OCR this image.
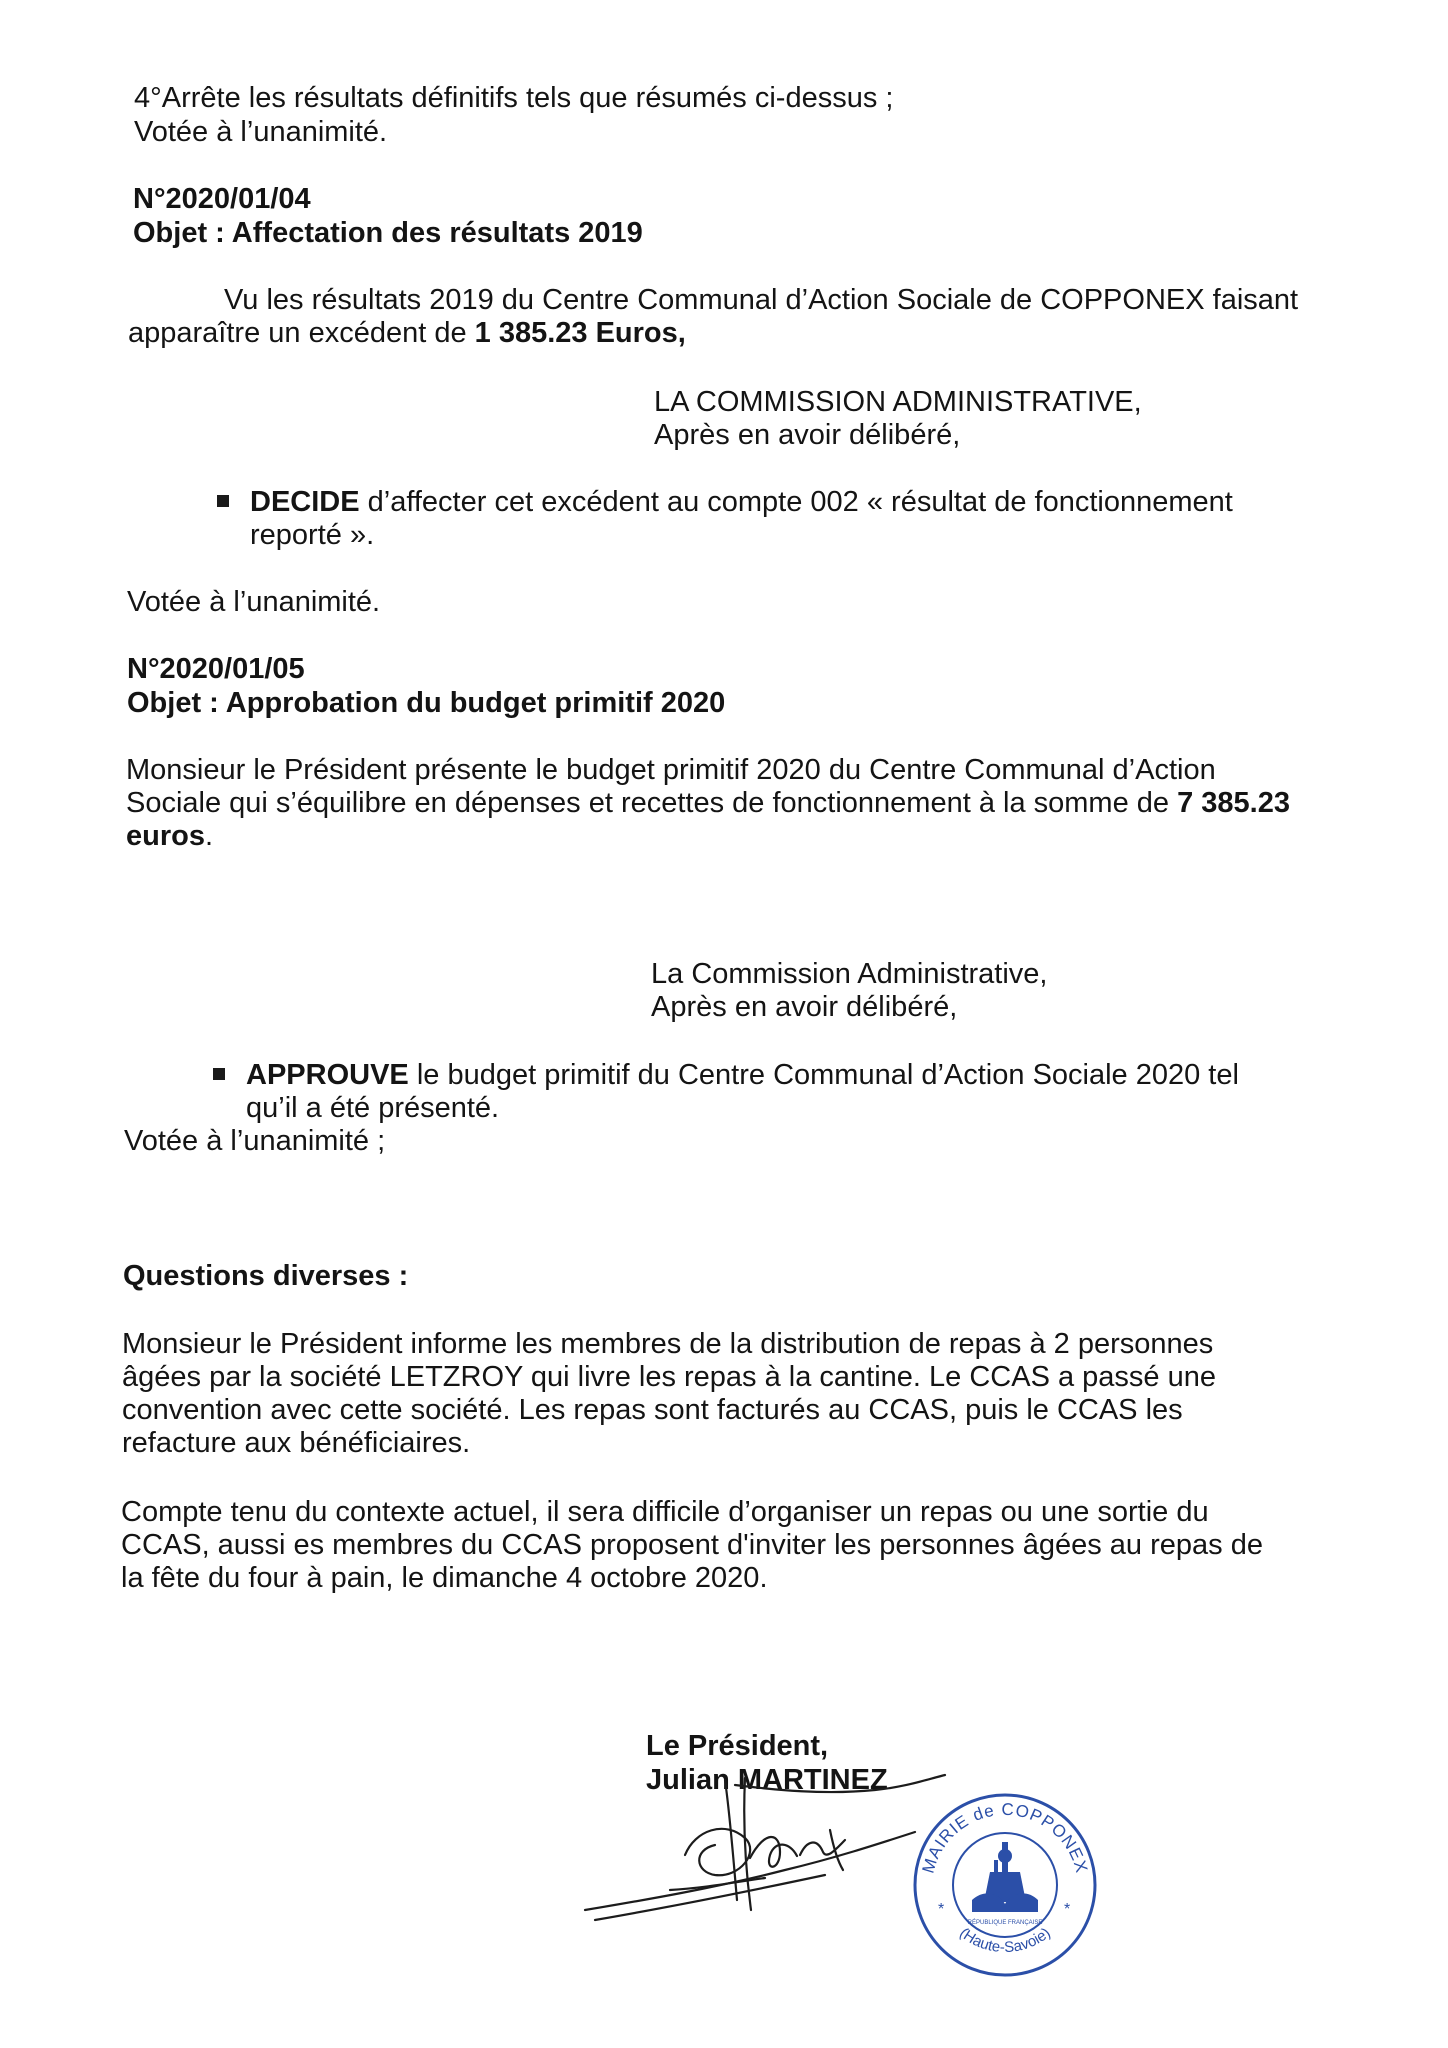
4°Arrête les résultats définitifs tels que résumés ci-dessus ;
Votée à l’unanimité.
N°2020/01/04
Objet : Affectation des résultats 2019
Vu les résultats 2019 du Centre Communal d’Action Sociale de COPPONEX faisant
apparaître un excédent de 1 385.23 Euros,
LA COMMISSION ADMINISTRATIVE,
Après en avoir délibéré,
DECIDE d’affecter cet excédent au compte 002 « résultat de fonctionnement
reporté ».
Votée à l’unanimité.
N°2020/01/05
Objet : Approbation du budget primitif 2020
Monsieur le Président présente le budget primitif 2020 du Centre Communal d’Action
Sociale qui s’équilibre en dépenses et recettes de fonctionnement à la somme de 7 385.23
euros.
La Commission Administrative,
Après en avoir délibéré,
APPROUVE le budget primitif du Centre Communal d’Action Sociale 2020 tel
qu’il a été présenté.
Votée à l’unanimité ;
Questions diverses :
Monsieur le Président informe les membres de la distribution de repas à 2 personnes
âgées par la société LETZROY qui livre les repas à la cantine. Le CCAS a passé une
convention avec cette société. Les repas sont facturés au CCAS, puis le CCAS les
refacture aux bénéficiaires.
Compte tenu du contexte actuel, il sera difficile d’organiser un repas ou une sortie du
CCAS, aussi es membres du CCAS proposent d'inviter les personnes âgées au repas de
la fête du four à pain, le dimanche 4 octobre 2020.
Le Président,
Julian MARTINEZ
MAIRIE de COPPONEX
(Haute-Savoie)
*	*
RÉPUBLIQUE FRANÇAISE
